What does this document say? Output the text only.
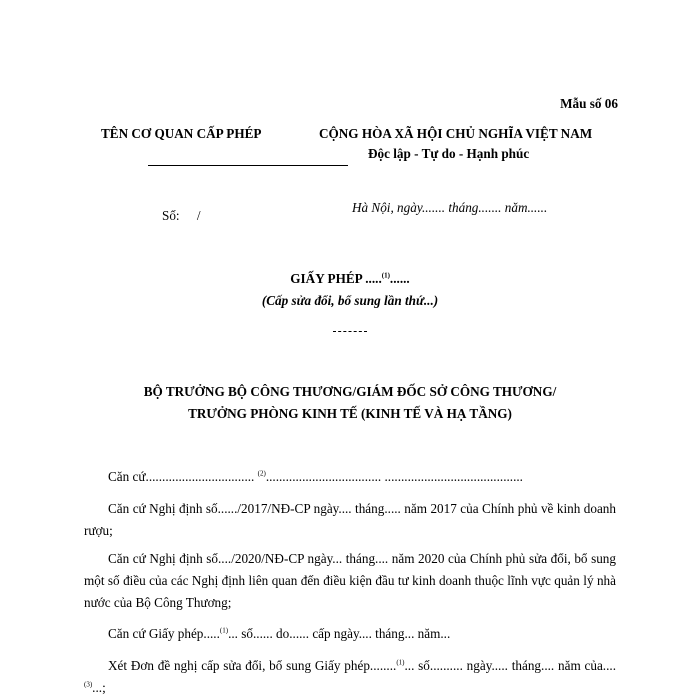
Mẫu số 06
TÊN CƠ QUAN CẤP PHÉP	CỘNG HÒA XÃ HỘI CHỦ NGHĨA VIỆT NAM
Độc lập - Tự do - Hạnh phúc
Số: /
Hà Nội, ngày....... tháng....... năm......
GIẤY PHÉP .....$^{(1)}$......
(Cấp sửa đổi, bổ sung lần thứ...)
BỘ TRƯỞNG BỘ CÔNG THƯƠNG/GIÁM ĐỐC SỞ CÔNG THƯƠNG/
TRƯỞNG PHÒNG KINH TẾ (KINH TẾ VÀ HẠ TẦNG)
Căn cứ................................. $^{(2)}$................................... ..........................................
Căn cứ Nghị định số....../2017/NĐ-CP ngày.... tháng..... năm 2017 của Chính phủ về kinh doanh rượu;
Căn cứ Nghị định số..../2020/NĐ-CP ngày... tháng.... năm 2020 của Chính phủ sửa đổi, bổ sung một số điều của các Nghị định liên quan đến điều kiện đầu tư kinh doanh thuộc lĩnh vực quản lý nhà nước của Bộ Công Thương;
Căn cứ Giấy phép.....$^{(1)}$... số...... do...... cấp ngày.... tháng... năm...
Xét Đơn đề nghị cấp sửa đổi, bổ sung Giấy phép........$^{(1)}$... số.......... ngày..... tháng.... năm của....$^{(3)}$...;
